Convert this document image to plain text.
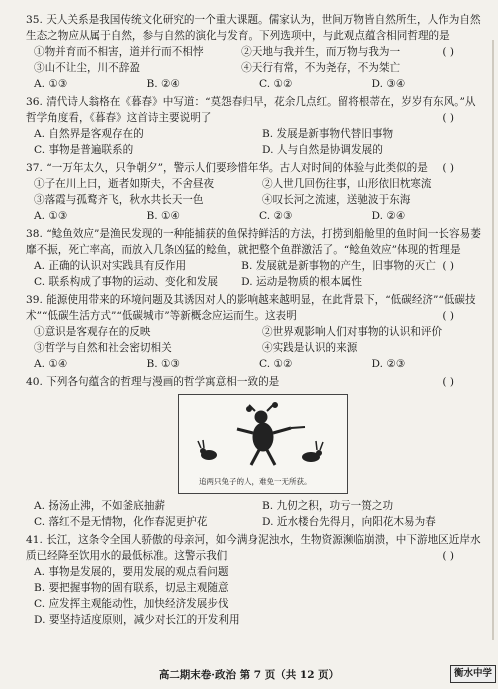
35. 天人关系是我国传统文化研究的一个重大课题。儒家认为，世间万物皆自然所生，人作为自然生态之物应从属于自然，参与自然的演化与发育。下列选项中，与此观点蕴含相同哲理的是
( )

①物并育而不相害，道并行而不相悖	②天地与我并生，而万物与我为一
③山不让尘，川不辞盈	④天行有常，不为尧存，不为桀亡
A. ①③	B. ②④	C. ①②	D. ③④

36. 清代诗人翁格在《暮春》中写道：“莫怨春归早，花余几点红。留将根蒂在，岁岁有东风。”从哲学角度看，《暮春》这首诗主要说明了	( )

A. 自然界是客观存在的	B. 发展是新事物代替旧事物
C. 事物是普遍联系的	D. 人与自然是协调发展的

37. “一万年太久，只争朝夕”，警示人们要珍惜年华。古人对时间的体验与此类似的是 ( )

①子在川上曰，逝者如斯夫，不舍昼夜	②人世几回伤往事，山形依旧枕寒流
③落霞与孤鹜齐飞，秋水共长天一色	④叹长河之流速，送驰波于东海
A. ①③	B. ①④	C. ②③	D. ②④

38. “鲶鱼效应”是渔民发现的一种能捕获的鱼保持鲜活的方法，打捞到船舱里的鱼时间一长容易萎靡不振，死亡率高，而放入几条凶猛的鲶鱼，就把整个鱼群激活了。“鲶鱼效应”体现的哲理是
( )

A. 正确的认识对实践具有反作用	B. 发展就是新事物的产生，旧事物的灭亡
C. 联系构成了事物的运动、变化和发展	D. 运动是物质的根本属性

39. 能源使用带来的环境问题及其诱因对人的影响越来越明显，在此背景下，“低碳经济”“低碳技术”“低碳生活方式”“低碳城市”等新概念应运而生。这表明	( )

①意识是客观存在的反映	②世界观影响人们对事物的认识和评价
③哲学与自然和社会密切相关	④实践是认识的来源
A. ①④	B. ①③	C. ①②	D. ②③

40. 下列各句蕴含的哲理与漫画的哲学寓意相一致的是	( )

追两只兔子的人，难免一无所获。
A. 扬汤止沸，不如釜底抽薪	B. 九仞之积，功亏一篑之功
C. 落红不是无情物，化作春泥更护花	D. 近水楼台先得月，向阳花木易为春

41. 长江，这条令全国人骄傲的母亲河，如今满身泥浊水，生物资源濒临崩溃，中下游地区近岸水质已经降至饮用水的最低标准。这警示我们	( )

A. 事物是发展的，要用发展的观点看问题
B. 要把握事物的固有联系，切忌主观随意
C. 应发挥主观能动性，加快经济发展步伐
D. 要坚持适度原则，减少对长江的开发利用
高二期末卷·政治 第 7 页（共 12 页）	衡水中学
